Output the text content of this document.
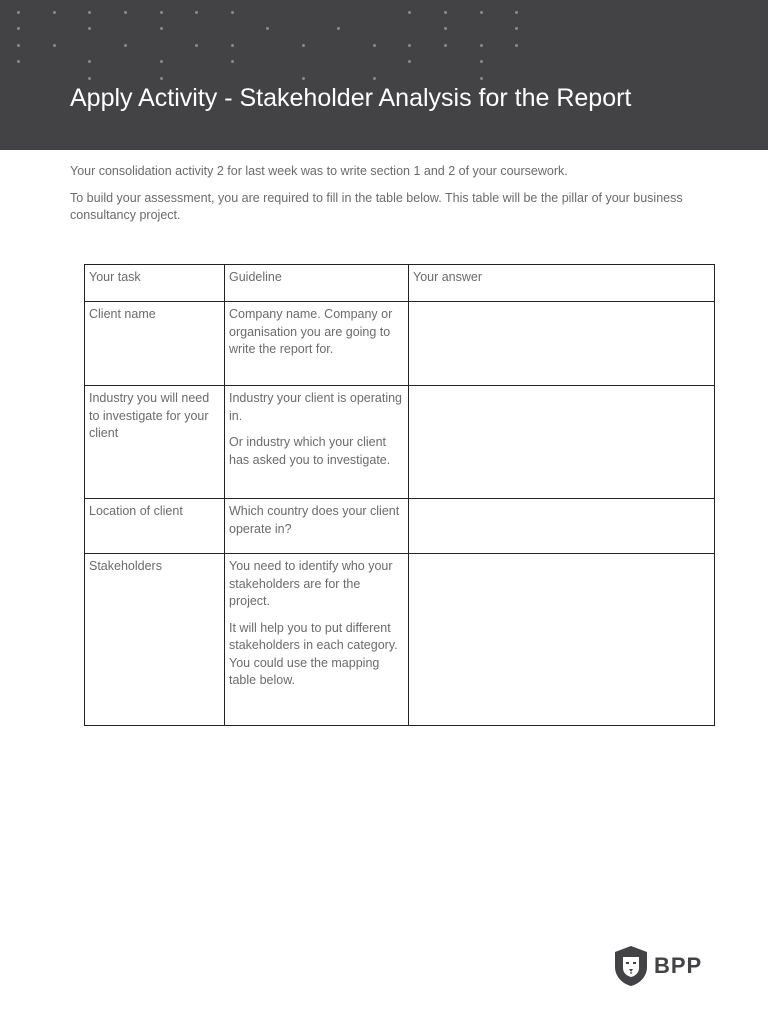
Apply Activity - Stakeholder Analysis for the Report

Your consolidation activity 2 for last week was to write section 1 and 2 of your coursework.

To build your assessment, you are required to fill in the table below. This table will be the pillar of your business consultancy project.

Your task	Guideline	Your answer
Client name	Company name. Company or organisation you are going to write the report for.	

Industry you will need to investigate for your client	Industry your client is operating in.

Or industry which your client has asked you to investigate.	

Location of client	Which country does your client operate in?	

Stakeholders	You need to identify who your stakeholders are for the project.

It will help you to put different stakeholders in each category. You could use the mapping table below.	

BPP
